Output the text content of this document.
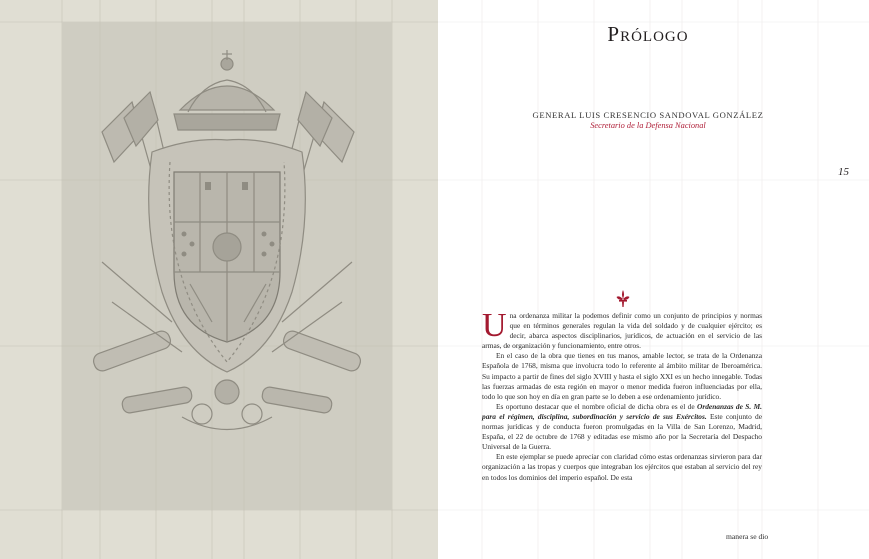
Prólogo

GENERAL LUIS CRESENCIO SANDOVAL GONZÁLEZ

Secretario de la Defensa Nacional

15

Una ordenanza militar la podemos definir como un conjunto de principios y normas que en términos generales regulan la vida del soldado y de cualquier ejército; es decir, abarca aspectos disciplinarios, jurídicos, de actuación en el servicio de las armas, de organización y funcionamiento, entre otros.

En el caso de la obra que tienes en tus manos, amable lector, se trata de la Ordenanza Española de 1768, misma que involucra todo lo referente al ámbito militar de Iberoamérica. Su impacto a partir de fines del siglo XVIII y hasta el siglo XXI es un hecho innegable. Todas las fuerzas armadas de esta región en mayor o menor medida fueron influenciadas por ella, todo lo que son hoy en día en gran parte se lo deben a ese ordenamiento jurídico.

Es oportuno destacar que el nombre oficial de dicha obra es el de Ordenanzas de S. M. para el régimen, disciplina, subordinación y servicio de sus Exércitos. Este conjunto de normas jurídicas y de conducta fueron promulgadas en la Villa de San Lorenzo, Madrid, España, el 22 de octubre de 1768 y editadas ese mismo año por la Secretaría del Despacho Universal de la Guerra.

En este ejemplar se puede apreciar con claridad cómo estas ordenanzas sirvieron para dar organización a las tropas y cuerpos que integraban los ejércitos que estaban al servicio del rey en todos los dominios del imperio español. De esta

manera se dio
